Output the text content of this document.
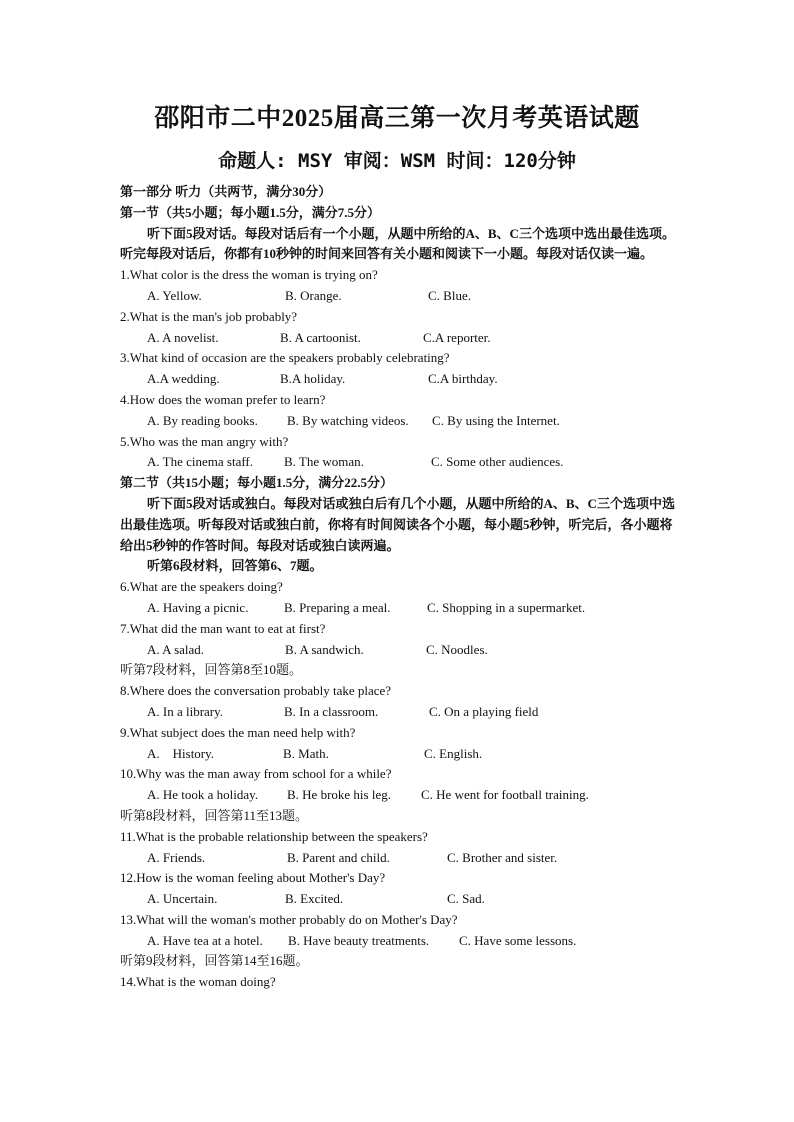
邵阳市二中2025届高三第一次月考英语试题
命题人: MSY 审阅：WSM 时间：120分钟
第一部分 听力（共两节，满分30分）
第一节（共5小题；每小题1.5分，满分7.5分）
听下面5段对话。每段对话后有一个小题，从题中所给的A、B、C三个选项中选出最佳选项。听完每段对话后，你都有10秒钟的时间来回答有关小题和阅读下一小题。每段对话仅读一遍。
1.What color is the dress the woman is trying on?
A. Yellow.	B. Orange.	C. Blue.
2.What is the man's job probably?
A. A novelist.	B. A cartoonist.	C.A reporter.
3.What kind of occasion are the speakers probably celebrating?
A.A wedding.	B.A holiday.	C.A birthday.
4.How does the woman prefer to learn?
A. By reading books.	B. By watching videos.	C. By using the Internet.
5.Who was the man angry with?
A. The cinema staff.	B. The woman.	C. Some other audiences.
第二节（共15小题；每小题1.5分，满分22.5分）
听下面5段对话或独白。每段对话或独白后有几个小题，从题中所给的A、B、C三个选项中选出最佳选项。听每段对话或独白前，你将有时间阅读各个小题，每小题5秒钟，听完后，各小题将给出5秒钟的作答时间。每段对话或独白读两遍。
听第6段材料，回答第6、7题。
6.What are the speakers doing?
A. Having a picnic.	B. Preparing a meal.	C. Shopping in a supermarket.
7.What did the man want to eat at first?
A. A salad.	B. A sandwich.	C. Noodles.
听第7段材料，回答第8至10题。
8.Where does the conversation probably take place?
A. In a library.	B. In a classroom.	C. On a playing field
9.What subject does the man need help with?
A.    History.	B. Math.	C. English.
10.Why was the man away from school for a while?
A. He took a holiday.	B. He broke his leg.	C. He went for football training.
听第8段材料，回答第11至13题。
11.What is the probable relationship between the speakers?
A. Friends.	B. Parent and child.	C. Brother and sister.
12.How is the woman feeling about Mother's Day?
A. Uncertain.	B. Excited.	C. Sad.
13.What will the woman's mother probably do on Mother's Day?
A. Have tea at a hotel.	B. Have beauty treatments.	C. Have some lessons.
听第9段材料，回答第14至16题。
14.What is the woman doing?
